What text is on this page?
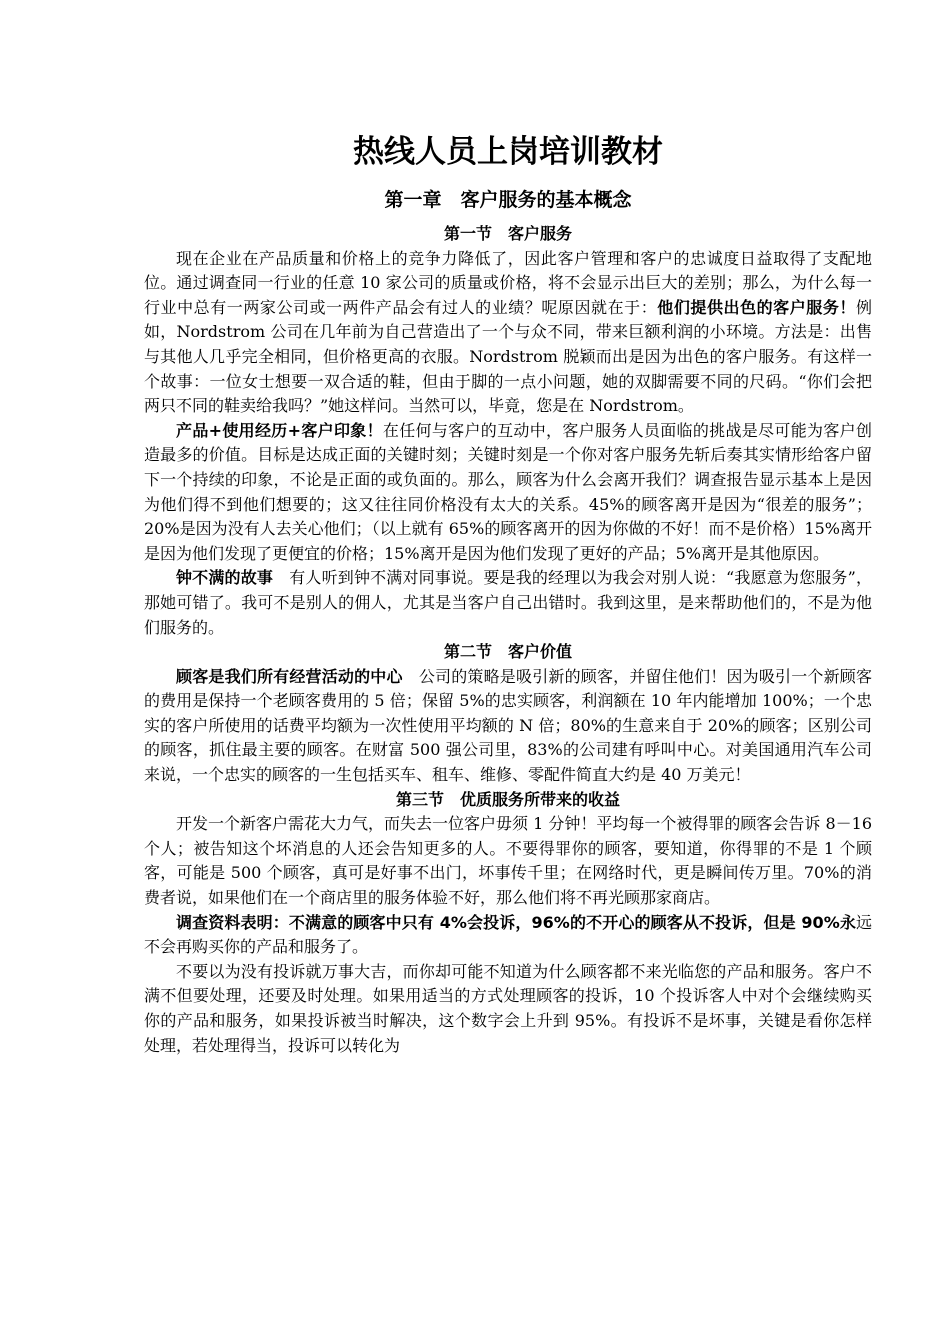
热线人员上岗培训教材
第一章　客户服务的基本概念
第一节　客户服务

现在企业在产品质量和价格上的竞争力降低了，因此客户管理和客户的忠诚度日益取得了支配地位。通过调查同一行业的任意 10 家公司的质量或价格，将不会显示出巨大的差别；那么，为什么每一行业中总有一两家公司或一两件产品会有过人的业绩？呢原因就在于：他们提供出色的客户服务！例如，Nordstrom 公司在几年前为自己营造出了一个与众不同，带来巨额利润的小环境。方法是：出售与其他人几乎完全相同，但价格更高的衣服。Nordstrom 脱颖而出是因为出色的客户服务。有这样一个故事：一位女士想要一双合适的鞋，但由于脚的一点小问题，她的双脚需要不同的尺码。“你们会把两只不同的鞋卖给我吗？”她这样问。当然可以，毕竟，您是在 Nordstrom。

产品+使用经历+客户印象！在任何与客户的互动中，客户服务人员面临的挑战是尽可能为客户创造最多的价值。目标是达成正面的关键时刻；关键时刻是一个你对客户服务先斩后奏其实情形给客户留下一个持续的印象，不论是正面的或负面的。那么，顾客为什么会离开我们？调查报告显示基本上是因为他们得不到他们想要的；这又往往同价格没有太大的关系。45%的顾客离开是因为“很差的服务”；20%是因为没有人去关心他们；（以上就有 65%的顾客离开的因为你做的不好！而不是价格）15%离开是因为他们发现了更便宜的价格；15%离开是因为他们发现了更好的产品；5%离开是其他原因。

钟不满的故事　有人听到钟不满对同事说。要是我的经理以为我会对别人说：“我愿意为您服务”，那她可错了。我可不是别人的佣人，尤其是当客户自己出错时。我到这里，是来帮助他们的，不是为他们服务的。

第二节　客户价值

顾客是我们所有经营活动的中心　公司的策略是吸引新的顾客，并留住他们！因为吸引一个新顾客的费用是保持一个老顾客费用的 5 倍；保留 5%的忠实顾客，利润额在 10 年内能增加 100%；一个忠实的客户所使用的话费平均额为一次性使用平均额的 N 倍；80%的生意来自于 20%的顾客；区别公司的顾客，抓住最主要的顾客。在财富 500 强公司里，83%的公司建有呼叫中心。对美国通用汽车公司来说，一个忠实的顾客的一生包括买车、租车、维修、零配件简直大约是 40 万美元！

第三节　优质服务所带来的收益

开发一个新客户需花大力气，而失去一位客户毋须 1 分钟！平均每一个被得罪的顾客会告诉 8－16 个人；被告知这个坏消息的人还会告知更多的人。不要得罪你的顾客，要知道，你得罪的不是 1 个顾客，可能是 500 个顾客，真可是好事不出门，坏事传千里；在网络时代，更是瞬间传万里。70%的消费者说，如果他们在一个商店里的服务体验不好，那么他们将不再光顾那家商店。

调查资料表明：不满意的顾客中只有 4%会投诉，96%的不开心的顾客从不投诉，但是 90%永远不会再购买你的产品和服务了。

不要以为没有投诉就万事大吉，而你却可能不知道为什么顾客都不来光临您的产品和服务。客户不满不但要处理，还要及时处理。如果用适当的方式处理顾客的投诉，10 个投诉客人中对个会继续购买你的产品和服务，如果投诉被当时解决，这个数字会上升到 95%。有投诉不是坏事，关键是看你怎样处理，若处理得当，投诉可以转化为
